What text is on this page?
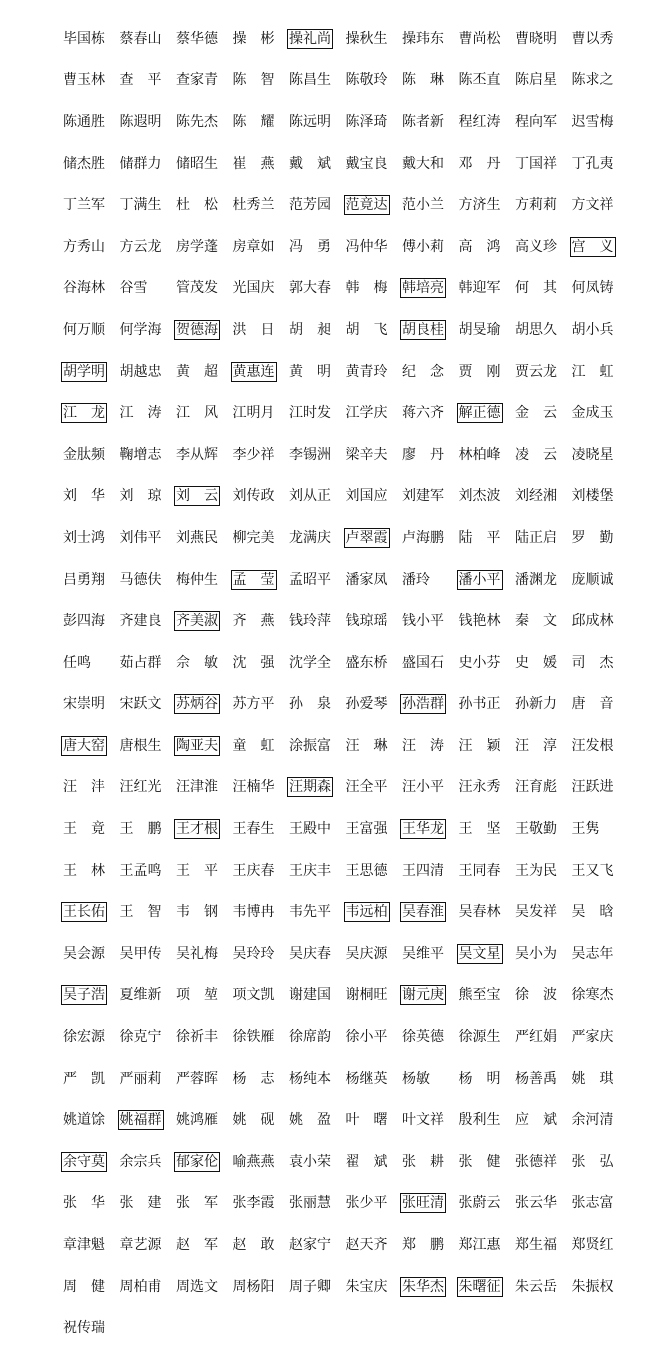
毕国栋	蔡春山	蔡华德	操　彬	操礼尚	操秋生	操玮东	曹尚松	曹晓明	曹以秀
曹玉林	查　平	查家青	陈　智	陈昌生	陈敬玲	陈　琳	陈丕直	陈启星	陈求之
陈通胜	陈遐明	陈先杰	陈　耀	陈远明	陈泽琦	陈者新	程红涛	程向军	迟雪梅
储杰胜	储群力	储昭生	崔　燕	戴　斌	戴宝良	戴大和	邓　丹	丁国祥	丁孔夷
丁兰军	丁满生	杜　松	杜秀兰	范芳园	范竟达	范小兰	方济生	方莉莉	方文祥
方秀山	方云龙	房学蓬	房章如	冯　勇	冯仲华	傅小莉	高　鸿	高义珍	宫　义
谷海林	谷雪	管茂发	光国庆	郭大春	韩　梅	韩培亮	韩迎军	何　其	何凤铸
何万顺	何学海	贺德海	洪　日	胡　昶	胡　飞	胡良桂	胡旻瑜	胡思久	胡小兵
胡学明	胡越忠	黄　超	黄惠连	黄　明	黄青玲	纪　念	贾　刚	贾云龙	江　虹
江　龙	江　涛	江　风	江明月	江时发	江学庆	蒋六齐	解正德	金　云	金成玉
金肽频	鞠增志	李从辉	李少祥	李锡洲	梁辛夫	廖　丹	林柏峰	凌　云	凌晓星
刘　华	刘　琼	刘　云	刘传政	刘从正	刘国应	刘建军	刘杰波	刘经湘	刘楼堡
刘士鸿	刘伟平	刘燕民	柳完美	龙满庆	卢翠霞	卢海鹏	陆　平	陆正启	罗　勤
吕勇翔	马德伕	梅仲生	孟　莹	孟昭平	潘家凤	潘玲	潘小平	潘渊龙	庞顺诚
彭四海	齐建良	齐美淑	齐　燕	钱玲萍	钱琼瑶	钱小平	钱艳林	秦　文	邱成林
任鸣	茹占群	佘　敏	沈　强	沈学全	盛东桥	盛国石	史小芬	史　媛	司　杰
宋崇明	宋跃文	苏炳谷	苏方平	孙　泉	孙爱琴	孙浩群	孙书正	孙新力	唐　音
唐大窑	唐根生	陶亚夫	童　虹	涂振富	汪　琳	汪　涛	汪　颖	汪　淳	汪发根
汪　沣	汪红光	汪津淮	汪楠华	汪期森	汪全平	汪小平	汪永秀	汪育彪	汪跃进
王　竟	王　鹏	王才根	王春生	王殿中	王富强	王华龙	王　坚	王敬勤	王隽
王　林	王孟鸣	王　平	王庆春	王庆丰	王思德	王四清	王同春	王为民	王又飞
王长佑	王　智	韦　钢	韦博冉	韦先平	韦远柏	吴春淮	吴春林	吴发祥	吴　晗
吴会源	吴甲传	吴礼梅	吴玲玲	吴庆春	吴庆源	吴维平	吴文星	吴小为	吴志年
吴子浩	夏维新	项　堃	项文凯	谢建国	谢桐旺	谢元庚	熊至宝	徐　波	徐寒杰
徐宏源	徐克宁	徐祈丰	徐铁雁	徐席韵	徐小平	徐英德	徐源生	严红娟	严家庆
严　凯	严丽莉	严蓉晖	杨　志	杨纯本	杨继英	杨敏	杨　明	杨善禹	姚　琪
姚道馀	姚福群	姚鸿雁	姚　砚	姚　盈	叶　曙	叶文祥	殷利生	应　斌	余河清
余守莫	余宗兵	郁家伦	喻燕燕	袁小荣	翟　斌	张　耕	张　健	张德祥	张　弘
张　华	张　建	张　军	张李霞	张丽慧	张少平	张旺清	张蔚云	张云华	张志富
章津魁	章艺源	赵　军	赵　敢	赵家宁	赵天齐	郑　鹏	郑江惠	郑生福	郑贤红
周　健	周柏甫	周选文	周杨阳	周子卿	朱宝庆	朱华杰	朱曙征	朱云岳	朱振权
祝传瑞
